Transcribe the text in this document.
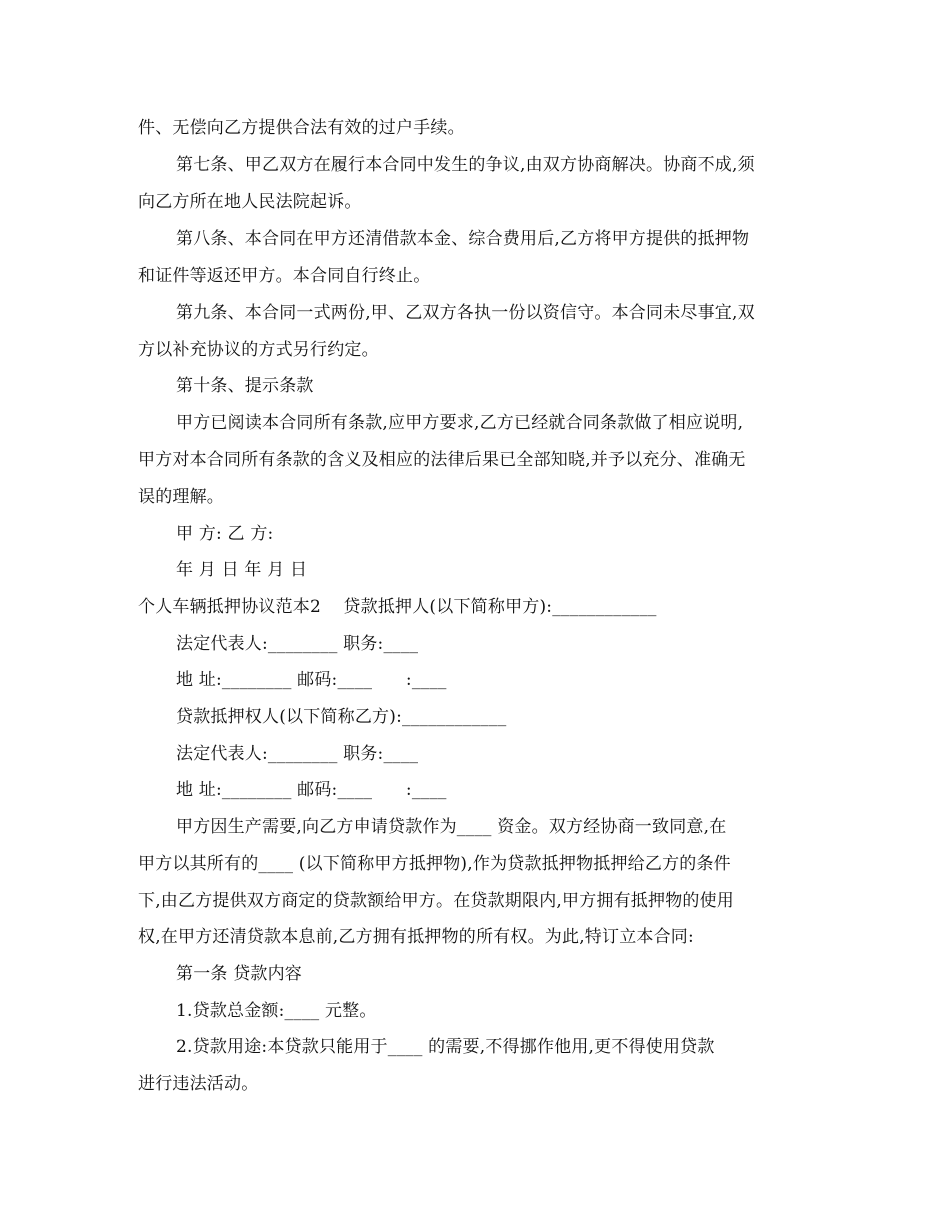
件、无偿向乙方提供合法有效的过户手续。
第七条、甲乙双方在履行本合同中发生的争议,由双方协商解决。协商不成,须
向乙方所在地人民法院起诉。
第八条、本合同在甲方还清借款本金、综合费用后,乙方将甲方提供的抵押物
和证件等返还甲方。本合同自行终止。
第九条、本合同一式两份,甲、乙双方各执一份以资信守。本合同未尽事宜,双
方以补充协议的方式另行约定。
第十条、提示条款
甲方已阅读本合同所有条款,应甲方要求,乙方已经就合同条款做了相应说明,
甲方对本合同所有条款的含义及相应的法律后果已全部知晓,并予以充分、准确无
误的理解。
甲 方: 乙 方:
年 月 日 年 月 日
个人车辆抵押协议范本2    贷款抵押人(以下简称甲方):____________
法定代表人:________ 职务:____
地 址:________ 邮码:____      :____
贷款抵押权人(以下简称乙方):____________
法定代表人:________ 职务:____
地 址:________ 邮码:____      :____
甲方因生产需要,向乙方申请贷款作为____ 资金。双方经协商一致同意,在
甲方以其所有的____ (以下简称甲方抵押物),作为贷款抵押物抵押给乙方的条件
下,由乙方提供双方商定的贷款额给甲方。在贷款期限内,甲方拥有抵押物的使用
权,在甲方还清贷款本息前,乙方拥有抵押物的所有权。为此,特订立本合同:
第一条 贷款内容
1.贷款总金额:____ 元整。
2.贷款用途:本贷款只能用于____ 的需要,不得挪作他用,更不得使用贷款
进行违法活动。
